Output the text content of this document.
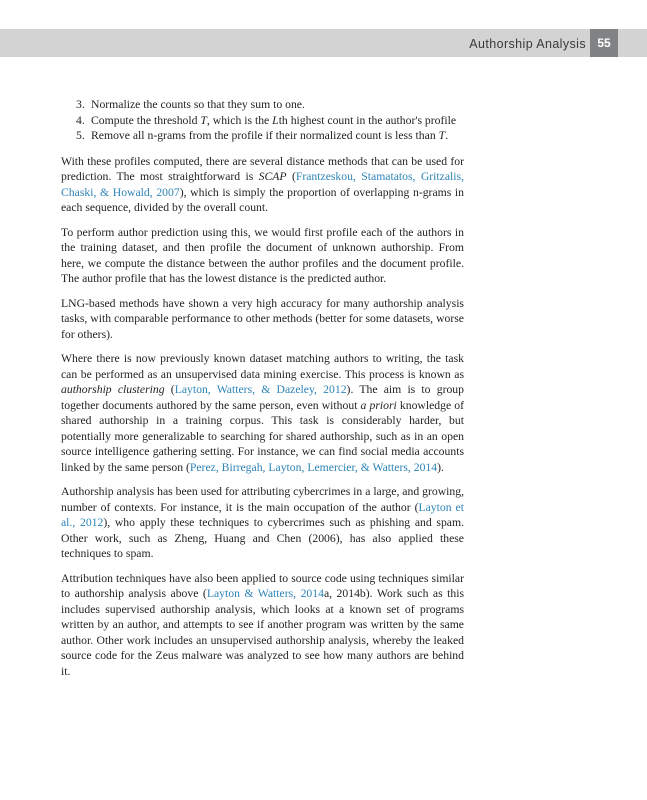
Authorship Analysis 55
3. Normalize the counts so that they sum to one.
4. Compute the threshold T, which is the Lth highest count in the author's profile
5. Remove all n-grams from the profile if their normalized count is less than T.

With these profiles computed, there are several distance methods that can be used for prediction. The most straightforward is SCAP (Frantzeskou, Stamatatos, Gritzalis, Chaski, & Howald, 2007), which is simply the proportion of overlapping n-grams in each sequence, divided by the overall count.

To perform author prediction using this, we would first profile each of the authors in the training dataset, and then profile the document of unknown authorship. From here, we compute the distance between the author profiles and the document profile. The author profile that has the lowest distance is the predicted author.

LNG-based methods have shown a very high accuracy for many authorship analysis tasks, with comparable performance to other methods (better for some datasets, worse for others).

Where there is now previously known dataset matching authors to writing, the task can be performed as an unsupervised data mining exercise. This process is known as authorship clustering (Layton, Watters, & Dazeley, 2012). The aim is to group together documents authored by the same person, even without a priori knowledge of shared authorship in a training corpus. This task is considerably harder, but potentially more generalizable to searching for shared authorship, such as in an open source intelligence gathering setting. For instance, we can find social media accounts linked by the same person (Perez, Birregah, Layton, Lemercier, & Watters, 2014).

Authorship analysis has been used for attributing cybercrimes in a large, and growing, number of contexts. For instance, it is the main occupation of the author (Layton et al., 2012), who apply these techniques to cybercrimes such as phishing and spam. Other work, such as Zheng, Huang and Chen (2006), has also applied these techniques to spam.

Attribution techniques have also been applied to source code using techniques similar to authorship analysis above (Layton & Watters, 2014a, 2014b). Work such as this includes supervised authorship analysis, which looks at a known set of programs written by an author, and attempts to see if another program was written by the same author. Other work includes an unsupervised authorship analysis, whereby the leaked source code for the Zeus malware was analyzed to see how many authors are behind it.
